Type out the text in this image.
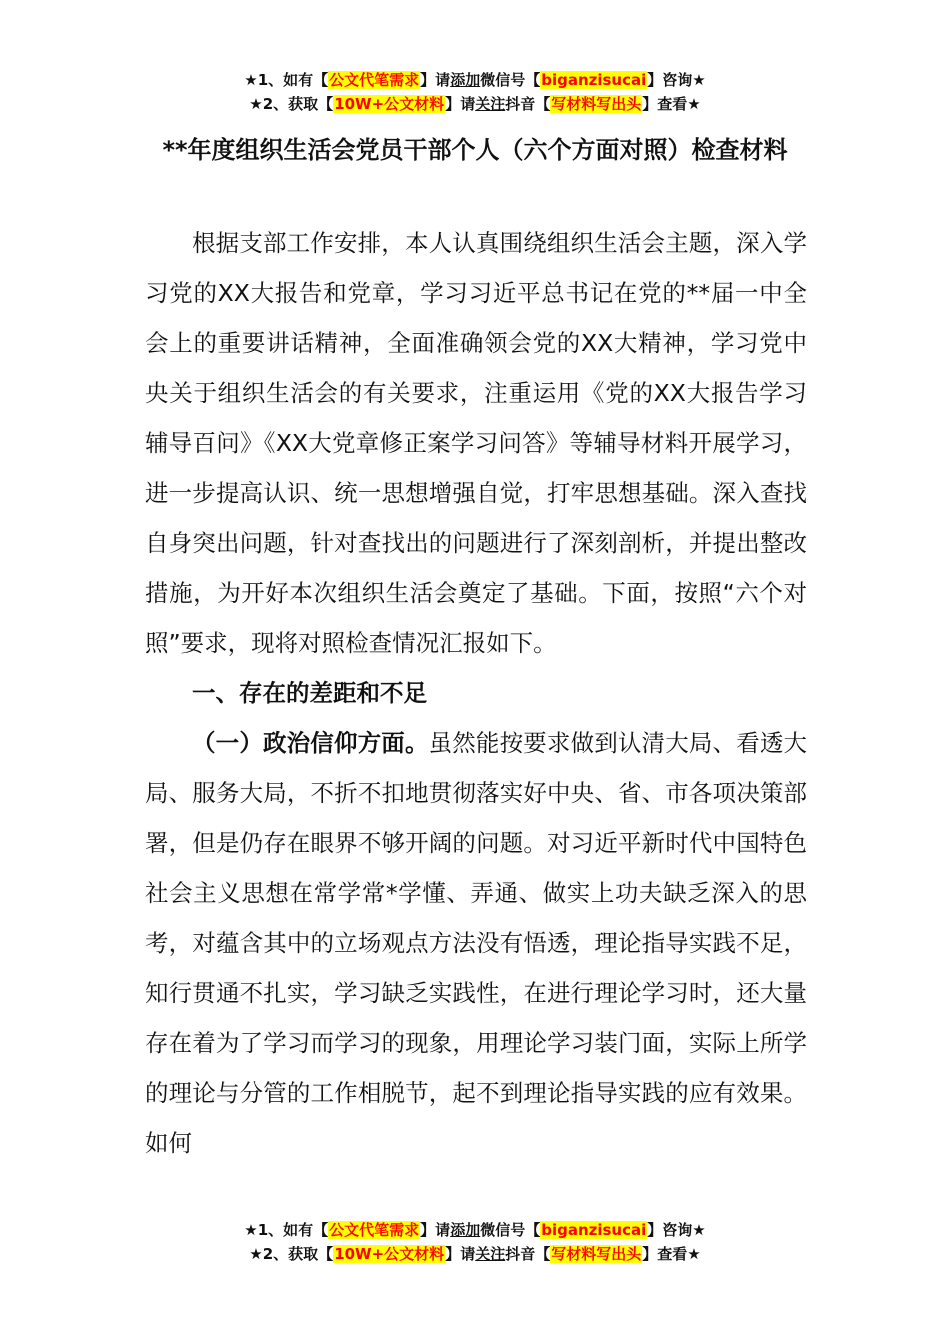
★1、如有【公文代笔需求】请添加微信号【biganzisucai】咨询★
★2、获取【10W+公文材料】请关注抖音【写材料写出头】查看★
**年度组织生活会党员干部个人（六个方面对照）检查材料

根据支部工作安排，本人认真围绕组织生活会主题，深入学习党的XX大报告和党章，学习习近平总书记在党的**届一中全会上的重要讲话精神，全面准确领会党的XX大精神，学习党中央关于组织生活会的有关要求，注重运用《党的XX大报告学习辅导百问》《XX大党章修正案学习问答》等辅导材料开展学习，进一步提高认识、统一思想增强自觉，打牢思想基础。深入查找自身突出问题，针对查找出的问题进行了深刻剖析，并提出整改措施，为开好本次组织生活会奠定了基础。下面，按照“六个对照”要求，现将对照检查情况汇报如下。

一、存在的差距和不足

（一）政治信仰方面。虽然能按要求做到认清大局、看透大局、服务大局，不折不扣地贯彻落实好中央、省、市各项决策部署，但是仍存在眼界不够开阔的问题。对习近平新时代中国特色社会主义思想在常学常*学懂、弄通、做实上功夫缺乏深入的思考，对蕴含其中的立场观点方法没有悟透，理论指导实践不足，知行贯通不扎实，学习缺乏实践性，在进行理论学习时，还大量存在着为了学习而学习的现象，用理论学习装门面，实际上所学的理论与分管的工作相脱节，起不到理论指导实践的应有效果。如何

★1、如有【公文代笔需求】请添加微信号【biganzisucai】咨询★
★2、获取【10W+公文材料】请关注抖音【写材料写出头】查看★
